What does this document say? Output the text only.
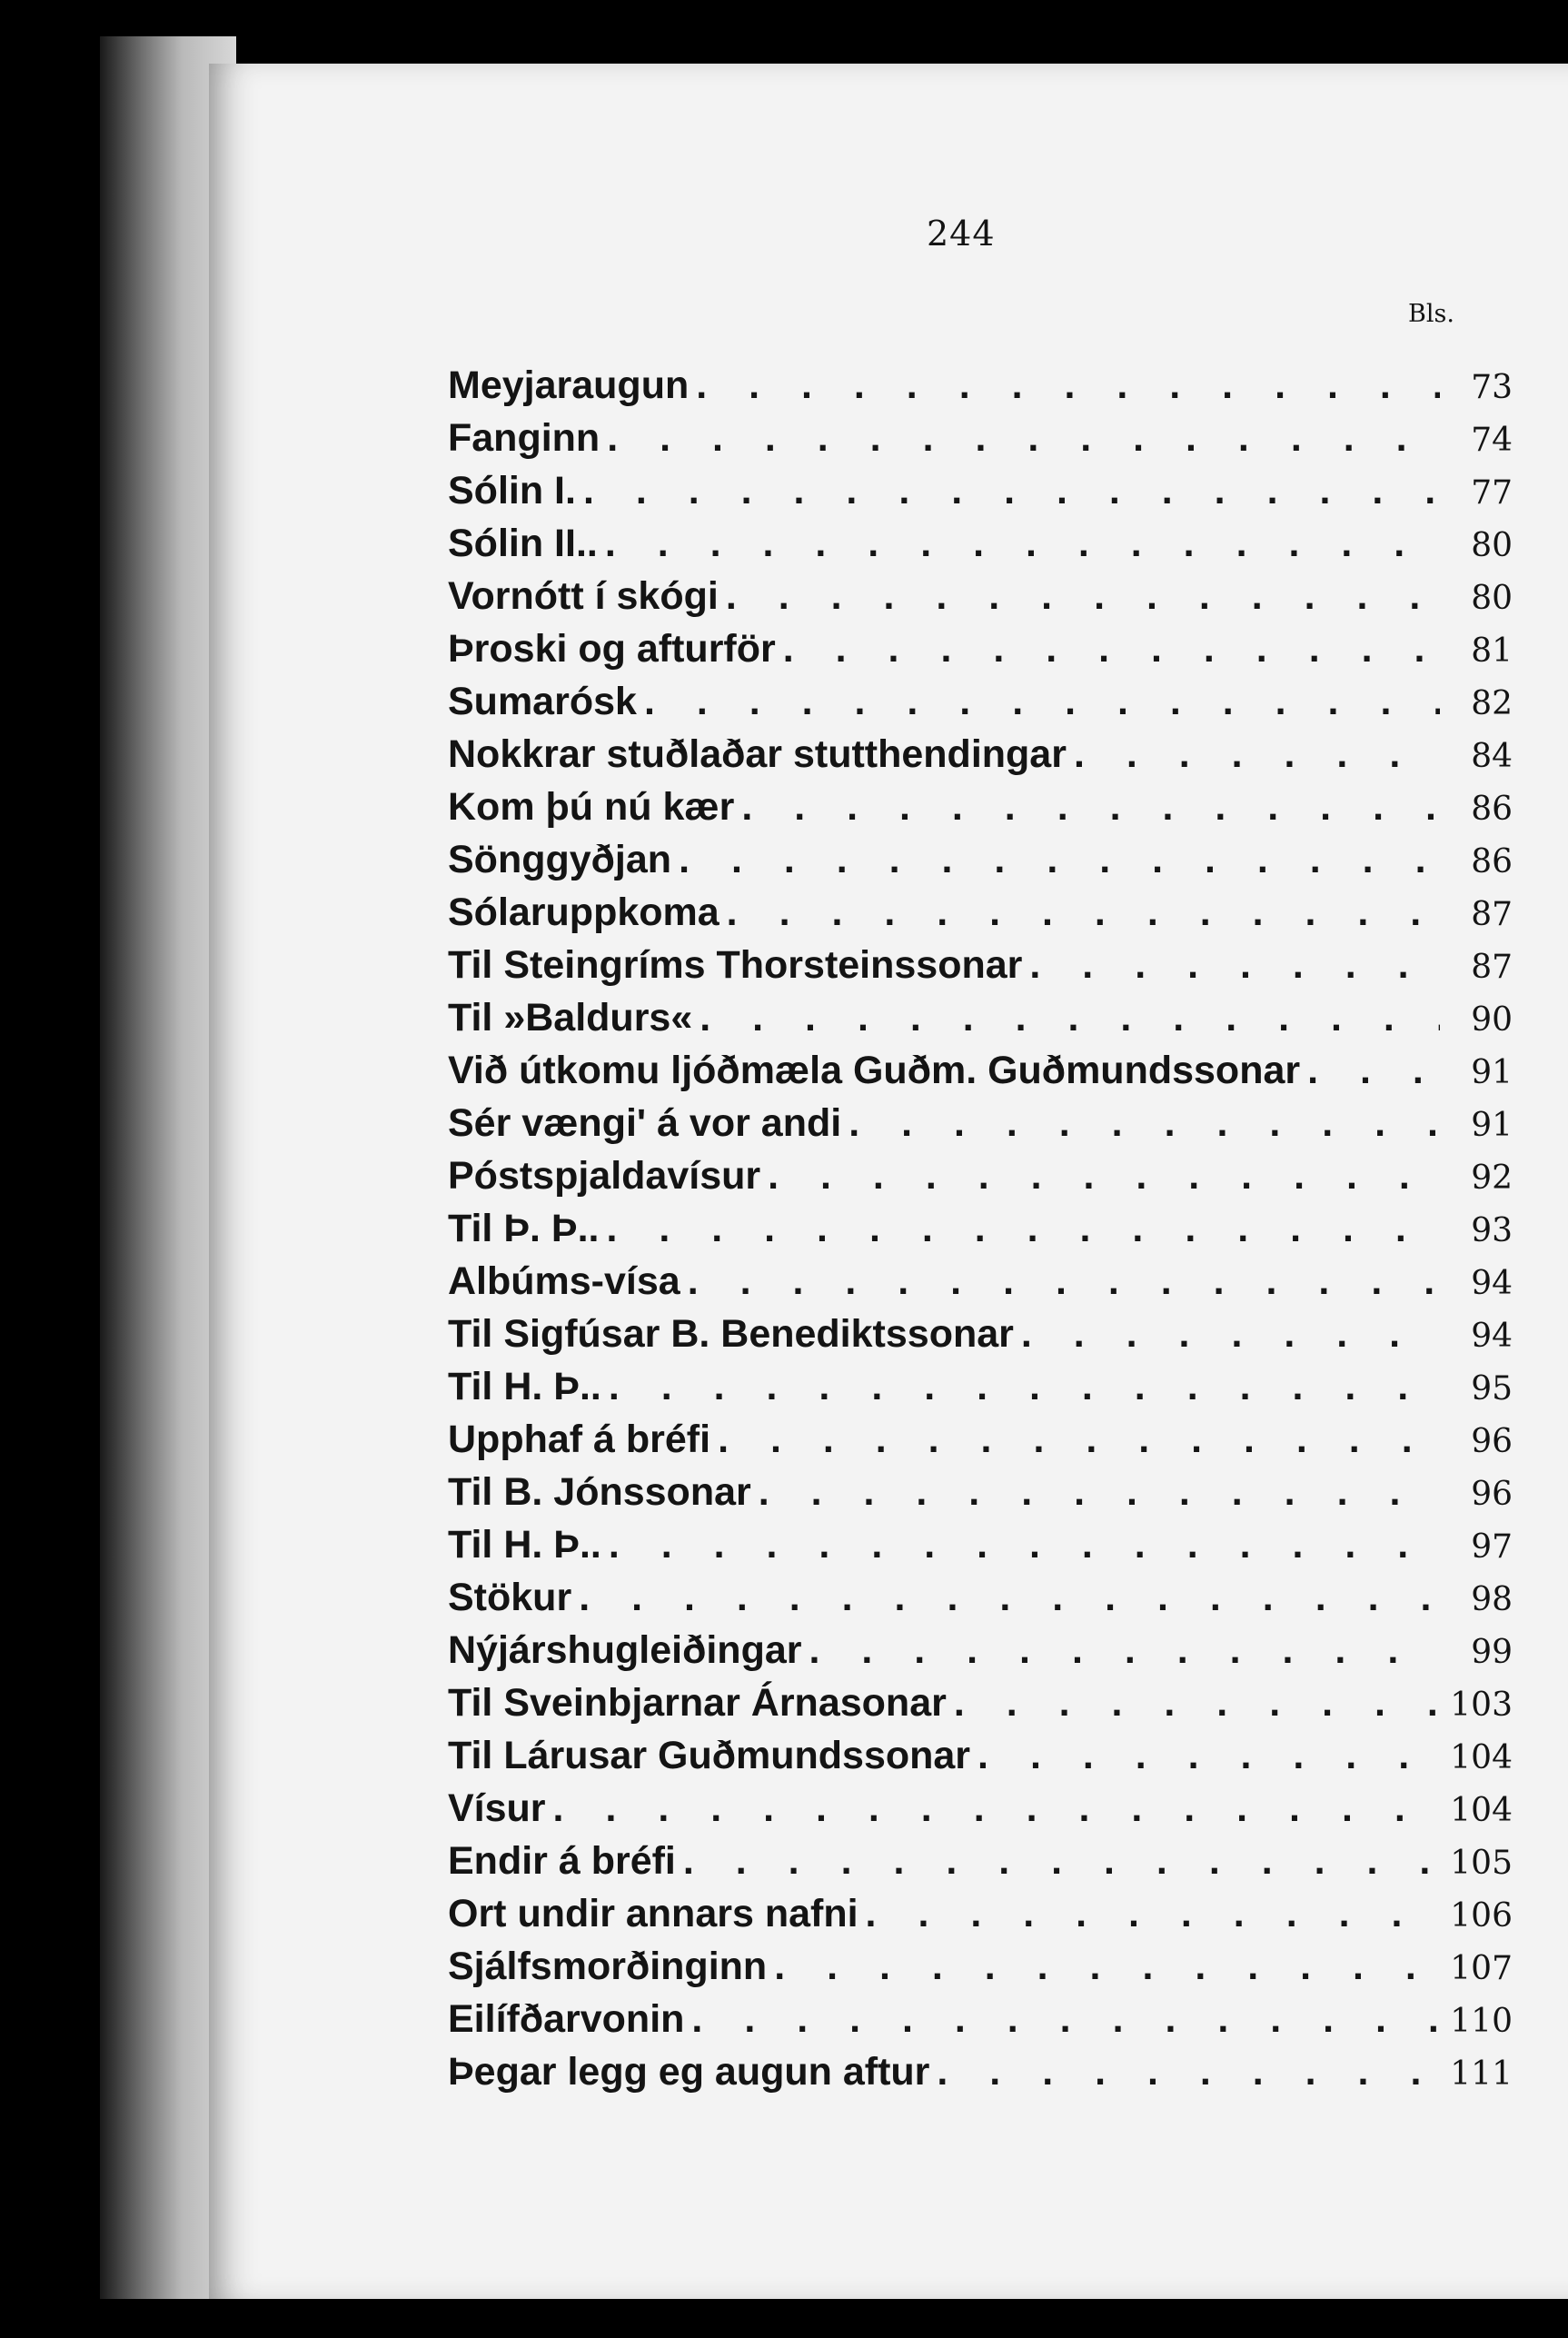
244
Bls.
Meyjaraugun . . .	73
Fanginn . . .	74
Sólin I. . . .	77
Sólin II.. . . .	80
Vornótt í skógi . . .	80
Þroski og afturför . . .	81
Sumarósk . . .	82
Nokkrar stuðlaðar stutthendingar . . .	84
Kom þú nú kær . . .	86
Sönggyðjan . . .	86
Sólaruppkoma . . .	87
Til Steingríms Thorsteinssonar . . .	87
Til »Baldurs« . . .	90
Við útkomu ljóðmæla Guðm. Guðmundssonar . . .	91
Sér vængi' á vor andi . . .	91
Póstspjaldavísur . . .	92
Til Þ. Þ.. . . .	93
Albúms-vísa . . .	94
Til Sigfúsar B. Benediktssonar . . .	94
Til H. Þ.. . . .	95
Upphaf á bréfi . . .	96
Til B. Jónssonar . . .	96
Til H. Þ.. . . .	97
Stökur . . .	98
Nýjárshugleiðingar . . .	99
Til Sveinbjarnar Árnasonar . . .	103
Til Lárusar Guðmundssonar . . .	104
Vísur . . .	104
Endir á bréfi . . .	105
Ort undir annars nafni . . .	106
Sjálfsmorðinginn . . .	107
Eilífðarvonin . . .	110
Þegar legg eg augun aftur . . .	111
